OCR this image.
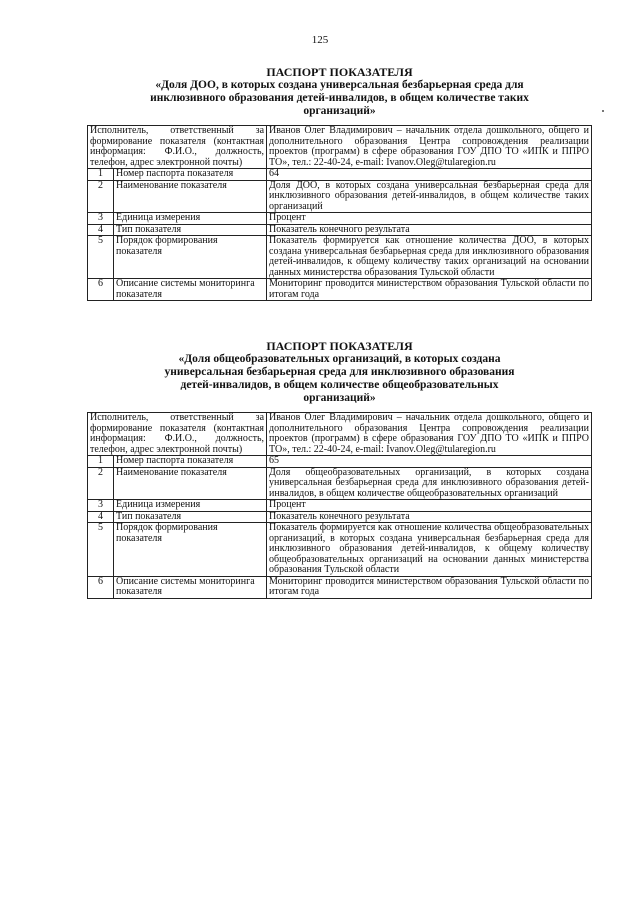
125

ПАСПОРТ ПОКАЗАТЕЛЯ

«Доля ДОО, в которых создана универсальная безбарьерная среда для
инклюзивного образования детей-инвалидов, в общем количестве таких
организаций»

Исполнитель, ответственный за формирование показателя (контактная информация: Ф.И.О., должность, телефон, адрес электронной почты)		Иванов Олег Владимирович – начальник отдела дошкольного, общего и дополнительного образования Центра сопровождения реализации проектов (программ) в сфере образования ГОУ ДПО ТО «ИПК и ППРО ТО», тел.: 22-40-24, e-mail: Ivanov.Oleg@tularegion.ru
1	Номер паспорта показателя	64
2	Наименование показателя	Доля ДОО, в которых создана универсальная безбарьерная среда для инклюзивного образования детей-инвалидов, в общем количестве таких организаций
3	Единица измерения	Процент
4	Тип показателя	Показатель конечного результата
5	Порядок формирования показателя	Показатель формируется как отношение количества ДОО, в которых создана универсальная безбарьерная среда для инклюзивного образования детей-инвалидов, к общему количеству таких организаций на основании данных министерства образования Тульской области
6	Описание системы мониторинга показателя	Мониторинг проводится министерством образования Тульской области по итогам года

ПАСПОРТ ПОКАЗАТЕЛЯ

«Доля общеобразовательных организаций, в которых создана
универсальная безбарьерная среда для инклюзивного образования
детей-инвалидов, в общем количестве общеобразовательных
организаций»

Исполнитель, ответственный за формирование показателя (контактная информация: Ф.И.О., должность, телефон, адрес электронной почты)		Иванов Олег Владимирович – начальник отдела дошкольного, общего и дополнительного образования Центра сопровождения реализации проектов (программ) в сфере образования ГОУ ДПО ТО «ИПК и ППРО ТО», тел.: 22-40-24, e-mail: Ivanov.Oleg@tularegion.ru
1	Номер паспорта показателя	65
2	Наименование показателя	Доля общеобразовательных организаций, в которых создана универсальная безбарьерная среда для инклюзивного образования детей-инвалидов, в общем количестве общеобразовательных организаций
3	Единица измерения	Процент
4	Тип показателя	Показатель конечного результата
5	Порядок формирования показателя	Показатель формируется как отношение количества общеобразовательных организаций, в которых создана универсальная безбарьерная среда для инклюзивного образования детей-инвалидов, к общему количеству общеобразовательных организаций на основании данных министерства образования Тульской области
6	Описание системы мониторинга показателя	Мониторинг проводится министерством образования Тульской области по итогам года
